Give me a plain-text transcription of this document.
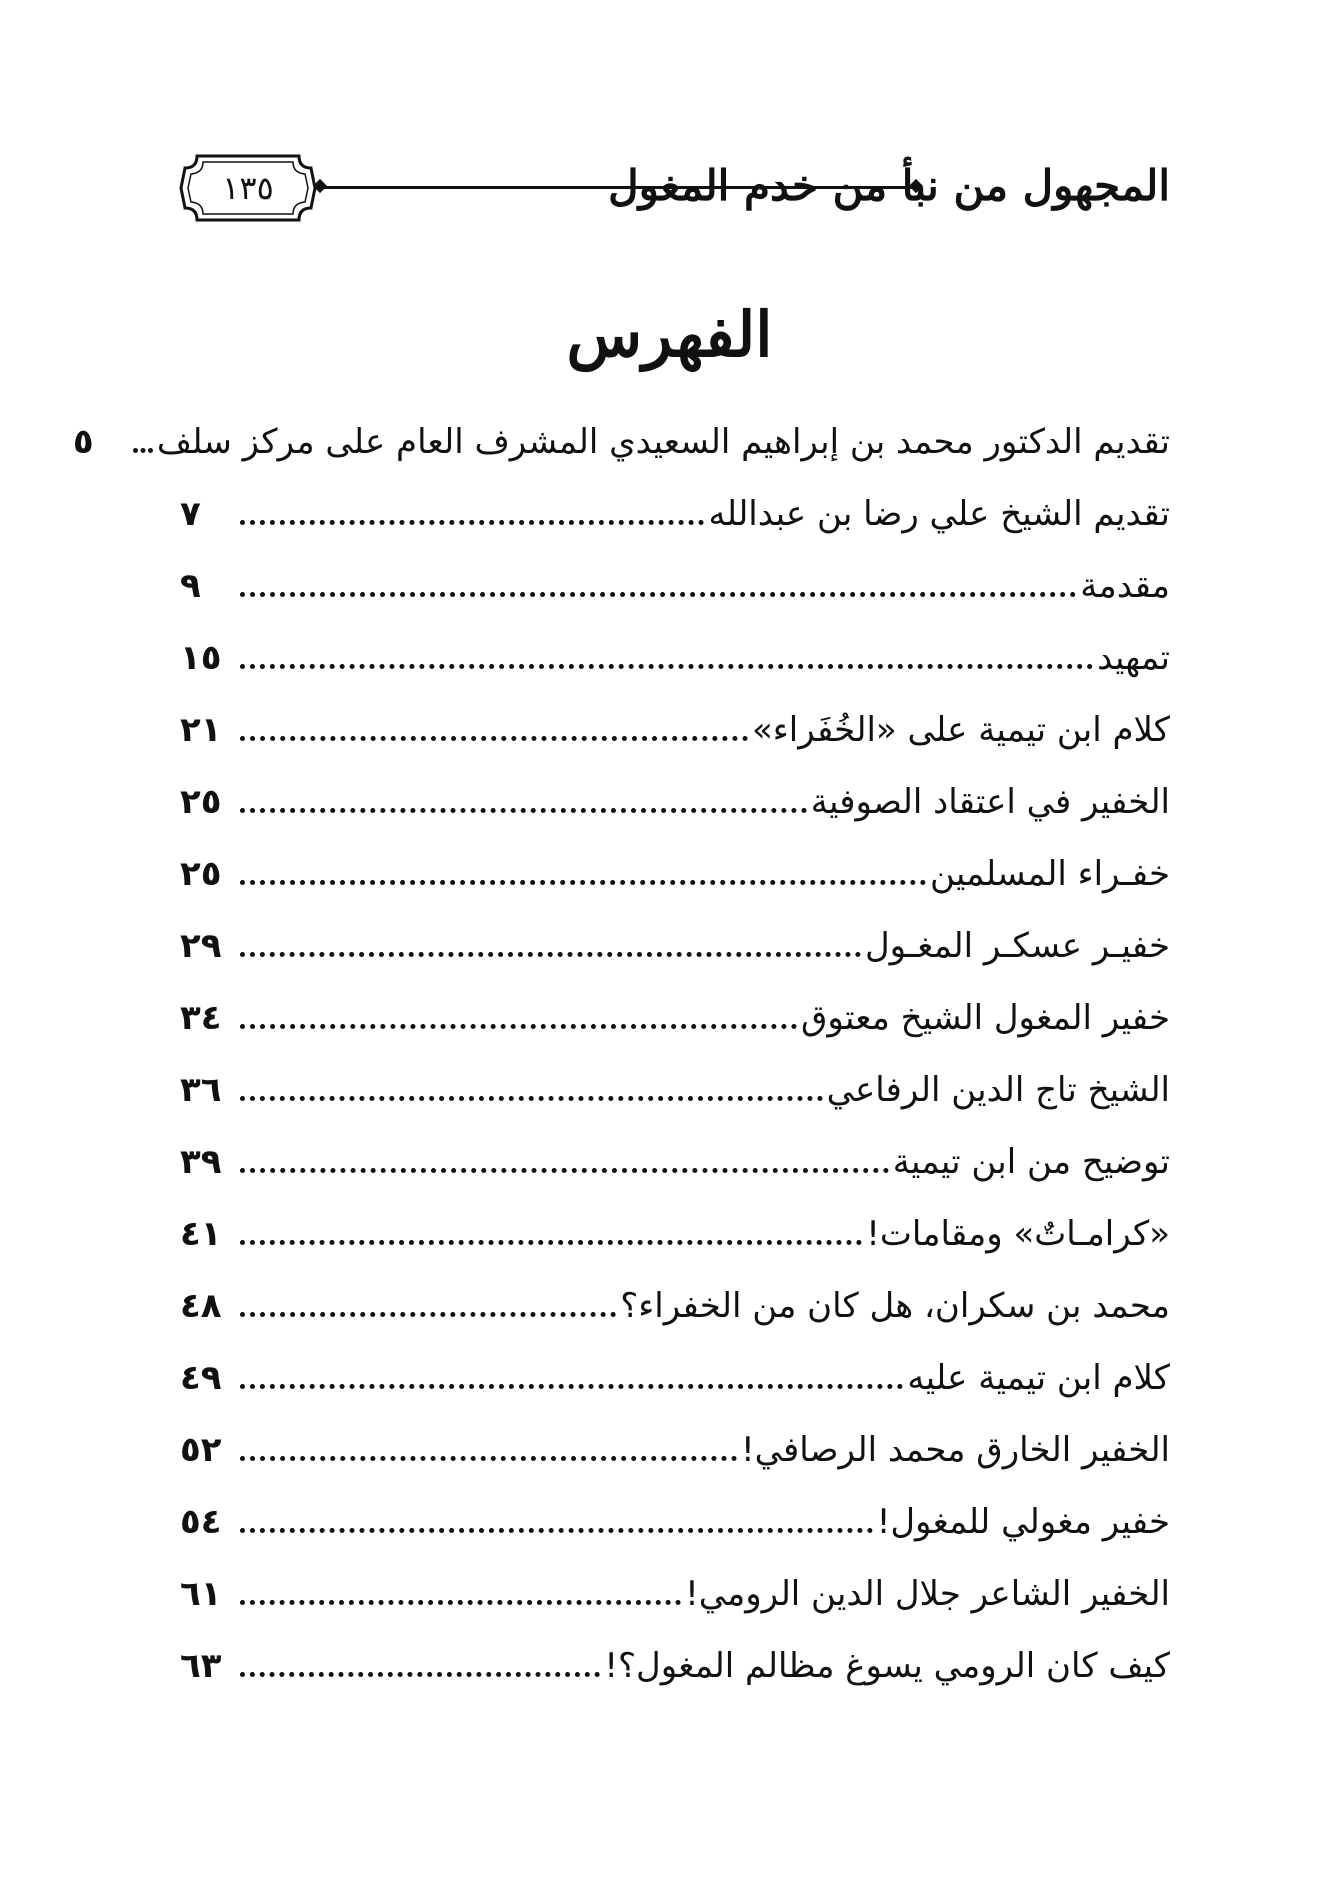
١٣٥	المجهول من نبأ من خدم المغول
الفهرس
تقديم الدكتور محمد بن إبراهيم السعيدي المشرف العام على مركز سلف
٥
تقديم الشيخ علي رضا بن عبدالله
٧
مقدمة
٩
تمهيد
١٥
كلام ابن تيمية على «الخُفَراء»
٢١
الخفير في اعتقاد الصوفية
٢٥
خفـراء المسلمين
٢٥
خفيـر عسكـر المغـول
٢٩
خفير المغول الشيخ معتوق
٣٤
الشيخ تاج الدين الرفاعي
٣٦
توضيح من ابن تيمية
٣٩
«كرامـاتٌ» ومقامات!
٤١
محمد بن سكران، هل كان من الخفراء؟
٤٨
كلام ابن تيمية عليه
٤٩
الخفير الخارق محمد الرصافي!
٥٢
خفير مغولي للمغول!
٥٤
الخفير الشاعر جلال الدين الرومي!
٦١
كيف كان الرومي يسوغ مظالم المغول؟!
٦٣
